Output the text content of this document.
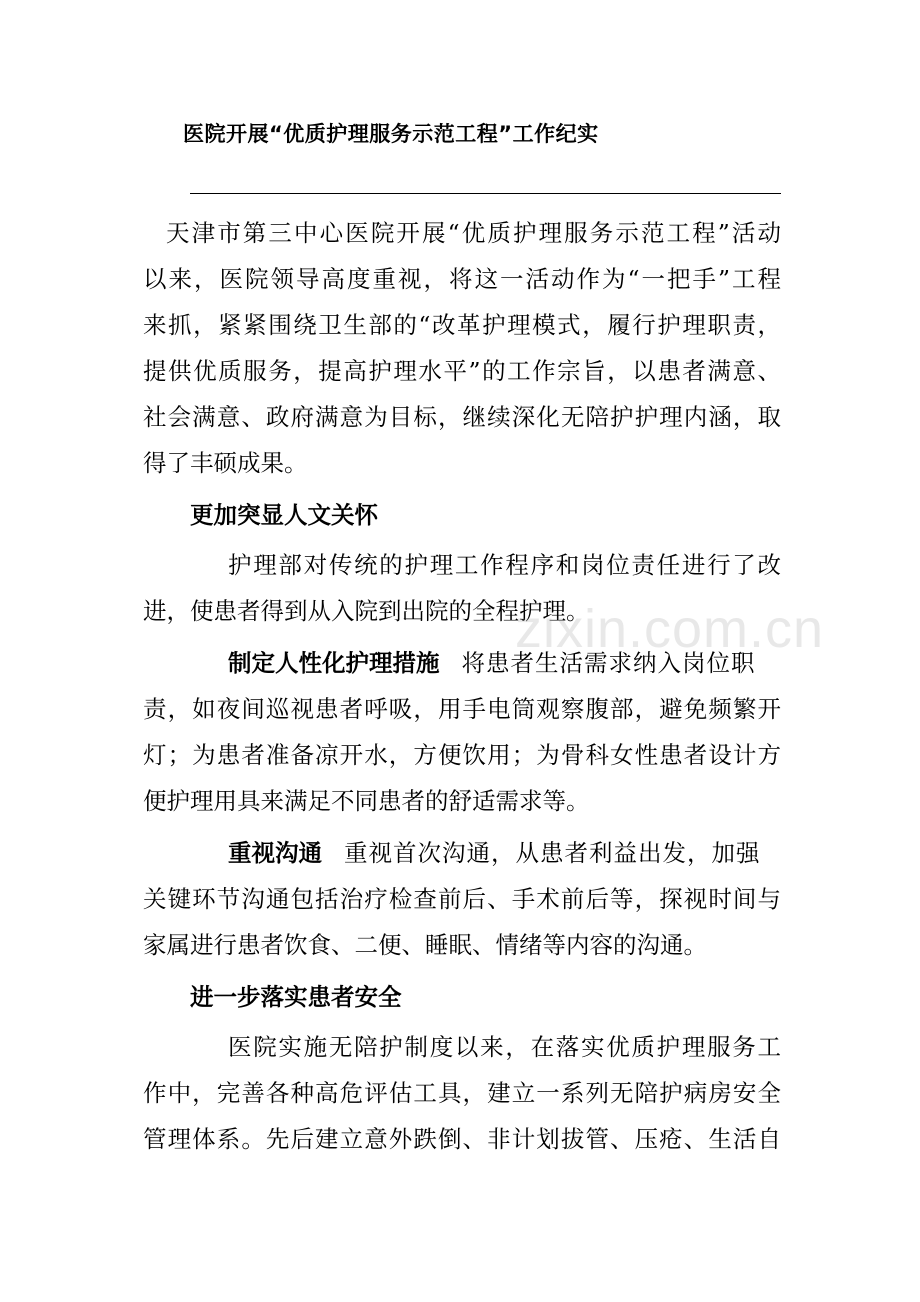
医院开展“优质护理服务示范工程”工作纪实
天津市第三中心医院开展“优质护理服务示范工程”活动
以来，医院领导高度重视，将这一活动作为“一把手”工程
来抓，紧紧围绕卫生部的“改革护理模式，履行护理职责，
提供优质服务，提高护理水平”的工作宗旨，以患者满意、
社会满意、政府满意为目标，继续深化无陪护护理内涵，取
得了丰硕成果。
更加突显人文关怀
护理部对传统的护理工作程序和岗位责任进行了改
进，使患者得到从入院到出院的全程护理。
制定人性化护理措施 将患者生活需求纳入岗位职
责，如夜间巡视患者呼吸，用手电筒观察腹部，避免频繁开
灯；为患者准备凉开水，方便饮用；为骨科女性患者设计方
便护理用具来满足不同患者的舒适需求等。
重视沟通 重视首次沟通，从患者利益出发，加强
关键环节沟通包括治疗检查前后、手术前后等，探视时间与
家属进行患者饮食、二便、睡眠、情绪等内容的沟通。
进一步落实患者安全
医院实施无陪护制度以来，在落实优质护理服务工
作中，完善各种高危评估工具，建立一系列无陪护病房安全
管理体系。先后建立意外跌倒、非计划拔管、压疮、生活自
zixin.com.cn
